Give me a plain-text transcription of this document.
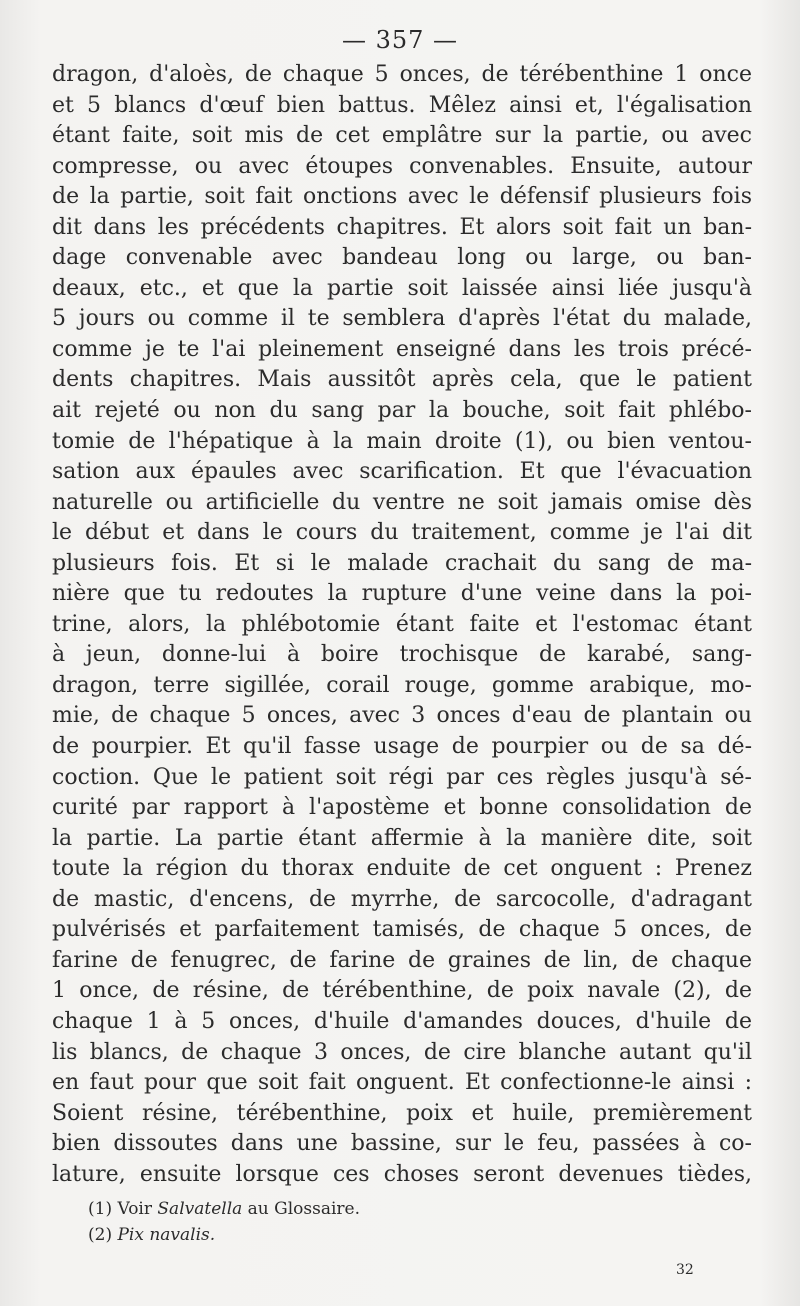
— 357 —
dragon, d'aloès, de chaque 5 onces, de térébenthine 1 once
et 5 blancs d'œuf bien battus. Mêlez ainsi et, l'égalisation
étant faite, soit mis de cet emplâtre sur la partie, ou avec
compresse, ou avec étoupes convenables. Ensuite, autour
de la partie, soit fait onctions avec le défensif plusieurs fois
dit dans les précédents chapitres. Et alors soit fait un ban-
dage convenable avec bandeau long ou large, ou ban-
deaux, etc., et que la partie soit laissée ainsi liée jusqu'à
5 jours ou comme il te semblera d'après l'état du malade,
comme je te l'ai pleinement enseigné dans les trois précé-
dents chapitres. Mais aussitôt après cela, que le patient
ait rejeté ou non du sang par la bouche, soit fait phlébo-
tomie de l'hépatique à la main droite (1), ou bien ventou-
sation aux épaules avec scarification. Et que l'évacuation
naturelle ou artificielle du ventre ne soit jamais omise dès
le début et dans le cours du traitement, comme je l'ai dit
plusieurs fois. Et si le malade crachait du sang de ma-
nière que tu redoutes la rupture d'une veine dans la poi-
trine, alors, la phlébotomie étant faite et l'estomac étant
à jeun, donne-lui à boire trochisque de karabé, sang-
dragon, terre sigillée, corail rouge, gomme arabique, mo-
mie, de chaque 5 onces, avec 3 onces d'eau de plantain ou
de pourpier. Et qu'il fasse usage de pourpier ou de sa dé-
coction. Que le patient soit régi par ces règles jusqu'à sé-
curité par rapport à l'apostème et bonne consolidation de
la partie. La partie étant affermie à la manière dite, soit
toute la région du thorax enduite de cet onguent : Prenez
de mastic, d'encens, de myrrhe, de sarcocolle, d'adragant
pulvérisés et parfaitement tamisés, de chaque 5 onces, de
farine de fenugrec, de farine de graines de lin, de chaque
1 once, de résine, de térébenthine, de poix navale (2), de
chaque 1 à 5 onces, d'huile d'amandes douces, d'huile de
lis blancs, de chaque 3 onces, de cire blanche autant qu'il
en faut pour que soit fait onguent. Et confectionne-le ainsi :
Soient résine, térébenthine, poix et huile, premièrement
bien dissoutes dans une bassine, sur le feu, passées à co-
lature, ensuite lorsque ces choses seront devenues tièdes,
(1) Voir Salvatella au Glossaire.
(2) Pix navalis.
32
